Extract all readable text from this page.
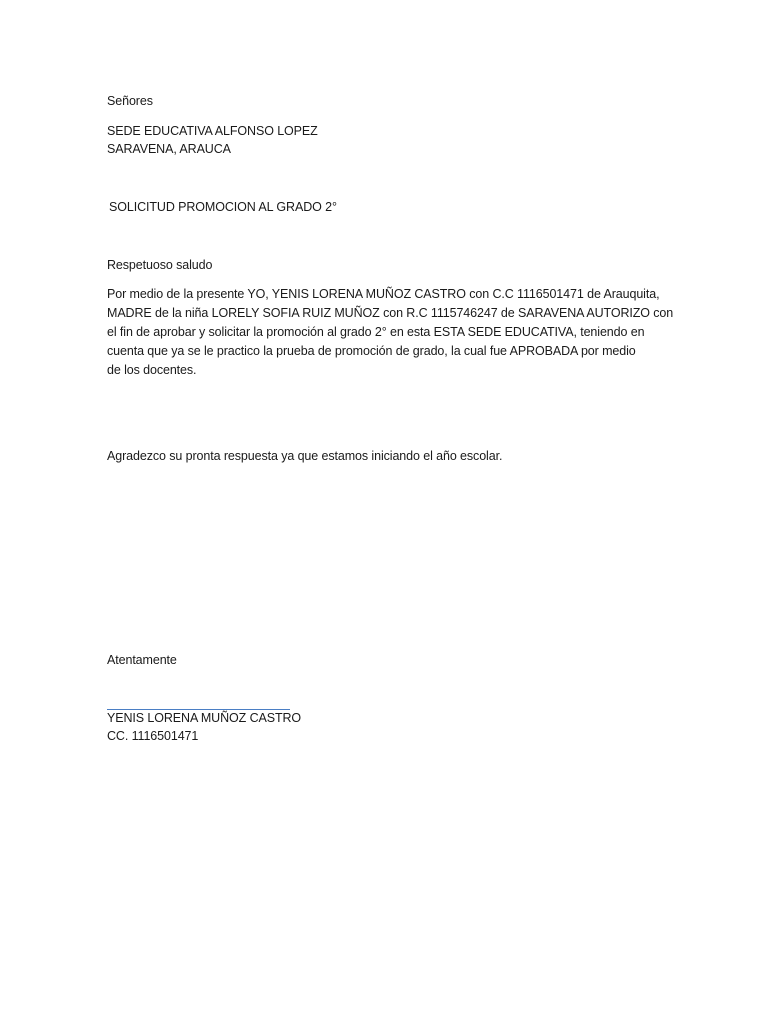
Señores
SEDE EDUCATIVA ALFONSO LOPEZ
SARAVENA, ARAUCA
SOLICITUD PROMOCION AL GRADO 2°
Respetuoso saludo
Por medio de la presente YO, YENIS LORENA MUÑOZ CASTRO con C.C 1116501471 de Arauquita,
MADRE de la niña LORELY SOFIA RUIZ MUÑOZ con R.C 1115746247 de SARAVENA AUTORIZO con
el fin de aprobar y solicitar la promoción al grado 2° en esta ESTA SEDE EDUCATIVA, teniendo en
cuenta que ya se le practico la prueba de promoción de grado, la cual fue APROBADA por medio
de los docentes.
Agradezco su pronta respuesta ya que estamos iniciando el año escolar.
Atentamente
YENIS LORENA MUÑOZ CASTRO
CC. 1116501471
